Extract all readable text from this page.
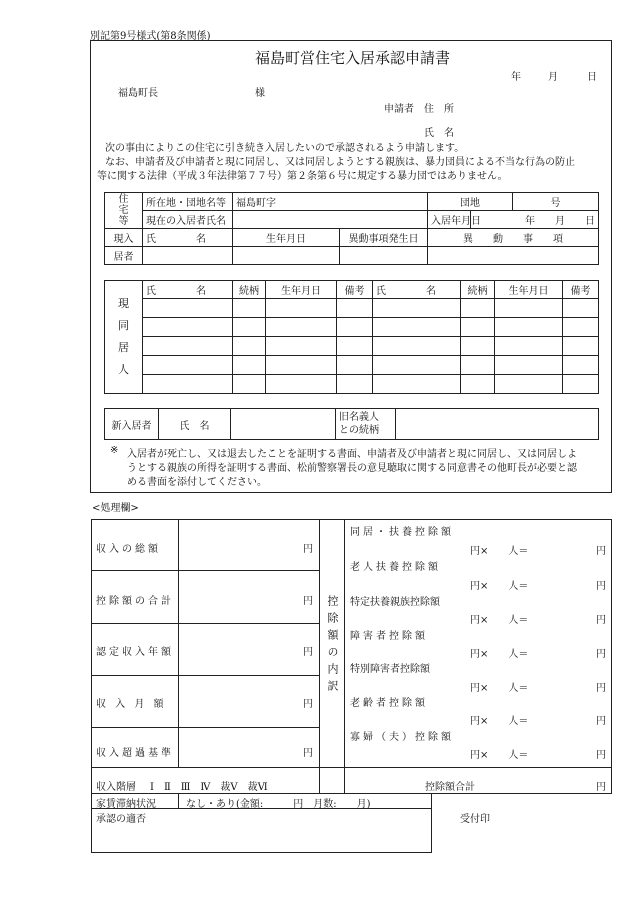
別記第9号様式(第8条関係)
福島町営住宅入居承認申請書
年	月	日
福島町長	様
申請者 住　所
氏　名
次の事由によりこの住宅に引き続き入居したいので承認されるよう申請します。
なお、申請者及び申請者と現に同居し、又は同居しようとする親族は、暴力団員による不当な行為の防止
等に関する法律（平成３年法律第７７号）第２条第６号に規定する暴力団ではありません。
住宅等	所在地・団地名等	福島町字		団地		号
	現在の入居者氏名			入居年月日	年　　月　　日	
現入	氏　　　　名	生年月日	異動事項発生日	異　　動　　事　　項		
居者						
現同居人	氏　　　　名	続柄	生年月日	備考	氏　　　　名	続柄	生年月日	備考

新入居者	氏　名		
旧名義人
との続柄

※ 入居者が死亡し、又は退去したことを証明する書面、申請者及び申請者と現に同居し、又は同居しよ
うとする親族の所得を証明する書面、松前警察署長の意見聴取に関する同意書その他町長が必要と認
める書面を添付してください。
<処理欄>
収入の総額	円
控除額の合計	円
認定収入年額	円
収 入 月 額	円
収入超過基準	円
控除額の内訳
同居・扶養控除額
円×　　人＝	円
老人扶養控除額
円×　　人＝	円
特定扶養親族控除額
円×　　人＝	円
障害者控除額
円×　　人＝	円
特別障害者控除額
円×　　人＝	円
老齢者控除額
円×　　人＝	円
寡婦（夫）控除額
円×　　人＝	円
収入階層 Ⅰ　Ⅱ　Ⅲ　Ⅳ　裁Ⅴ　裁Ⅵ	控除額合計	円
家賃滞納状況	なし・あり(金額:　　　円　月数:　　月)
承認の適否	受付印
